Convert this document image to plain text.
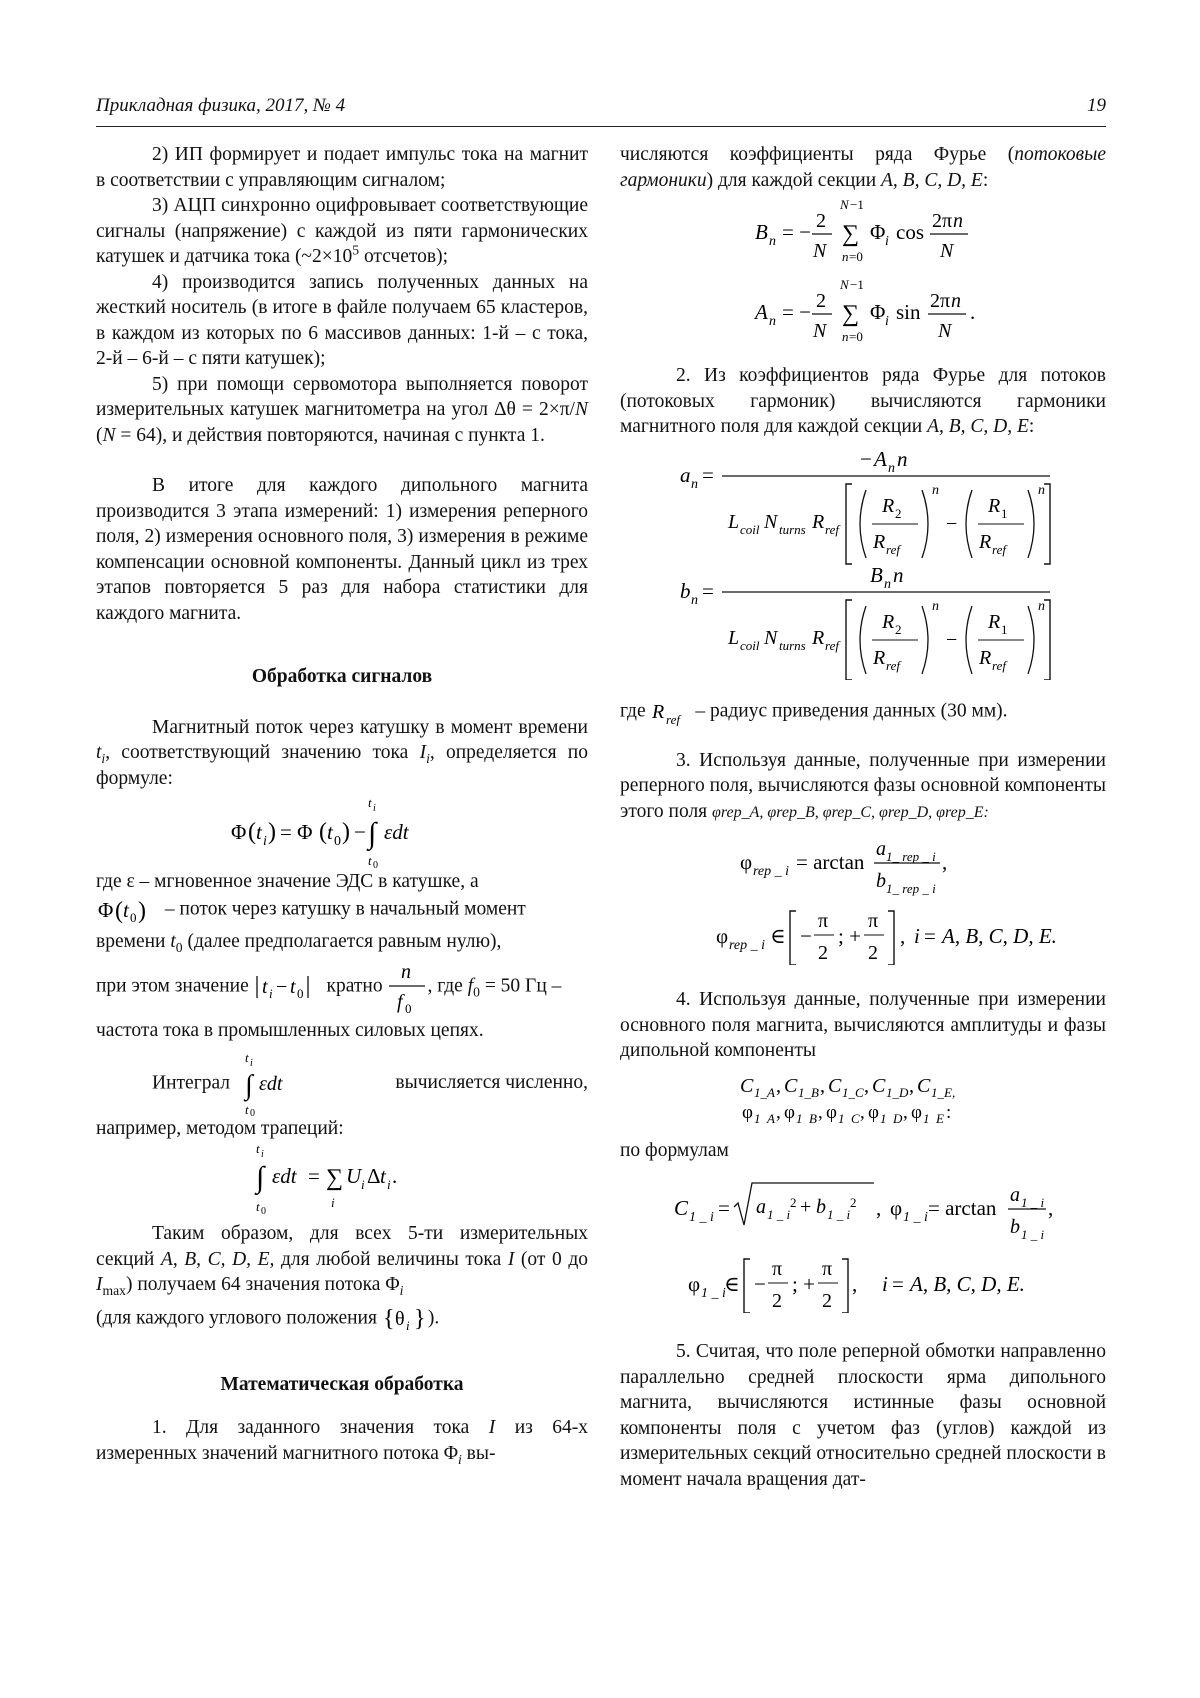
Прикладная физика, 2017, № 4	19

2) ИП формирует и подает импульс тока на магнит в соответствии с управляющим сигналом;

3) АЦП синхронно оцифровывает соответствующие сигналы (напряжение) с каждой из пяти гармонических катушек и датчика тока ($\sim 2\times 10^5$ отсчетов);

4) производится запись полученных данных на жесткий носитель (в итоге в файле получаем 65 кластеров, в каждом из которых по 6 массивов данных: 1-й – с тока, 2-й – 6-й – с пяти катушек);

5) при помощи сервомотора выполняется поворот измерительных катушек магнитометра на угол Δθ = 2×π/N (N = 64), и действия повторяются, начиная с пункта 1.

В итоге для каждого дипольного магнита производится 3 этапа измерений: 1) измерения реперного поля, 2) измерения основного поля, 3) измерения в режиме компенсации основной компоненты. Данный цикл из трех этапов повторяется 5 раз для набора статистики для каждого магнита.

Обработка сигналов

Магнитный поток через катушку в момент времени $t_i$, соответствующий значению тока $I_i$, определяется по формуле:

Φ ( t i ) = Φ ( t 0 ) − ∫
t i
t 0
εdt

где ε – мгновенное значение ЭДС в катушке, а

Φ ( t 0 ) – поток через катушку в начальный момент

времени $t_0$ (далее предполагается равным нулю),

при этом значение t i − t 0 кратно
n
f 0
, где $f_0 = 50$ Гц –

частота тока в промышленных силовых цепях.

Интеграл ∫
t i
t 0
εdt	вычисляется численно,

например, методом трапеций:

∫
t i
t 0
εdt = ∑
i
U i Δ t i .

Таким образом, для всех 5-ти измерительных секций A, B, C, D, E, для любой величины тока I (от 0 до $I_{max}$) получаем 64 значения потока $\Phi_i$

(для каждого углового положения { θ i } ).

Математическая обработка

1. Для заданного значения тока I из 64-х измеренных значений магнитного потока $\Phi_i$ вы-

числяются коэффициенты ряда Фурье (потоковые гармоники) для каждой секции A, B, C, D, E:

B n = − 2
N
N −1
∑
n =0
Φ i cos 2π n
N
A n = − 2
N
N −1
∑
n =0
Φ i sin 2π n
N
.

2. Из коэффициентов ряда Фурье для потоков (потоковых гармоник) вычисляются гармоники магнитного поля для каждой секции A, B, C, D, E:

a n =
− A n n
L coil N turns R ref
R 2
R ref
n
−
R 1
R ref
n
b n =
B n n
L coil N turns R ref
R 2
R ref
n
−
R 1
R ref
n

где R ref – радиус приведения данных (30 мм).

3. Используя данные, полученные при измерении реперного поля, вычисляются фазы основной компоненты этого поля φrep_A, φrep_B, φrep_C, φrep_D, φrep_E:

φ rep _ i = arctan
a 1_ rep _ i
b 1_ rep _ i
,
φ rep _ i ∈ −
π
2
; +
π
2
, i = A, B, C, D, E.

4. Используя данные, полученные при измерении основного поля магнита, вычисляются амплитуды и фазы дипольной компоненты

C 1_A , C 1_B , C 1_C , C 1_D , C 1_E,
φ 1_A , φ 1_B , φ 1_C , φ 1_D , φ 1_E :

по формулам

C 1 _ i = a 1 _ i
2 + b 1 _ i
2 , φ 1 _ i = arctan
a 1 _ i
b 1 _ i
,
φ 1 _ i
∈ −
π
2
; +
π
2
, i = A, B, C, D, E.

5. Считая, что поле реперной обмотки направленно параллельно средней плоскости ярма дипольного магнита, вычисляются истинные фазы основной компоненты поля с учетом фаз (углов) каждой из измерительных секций относительно средней плоскости в момент начала вращения дат-
